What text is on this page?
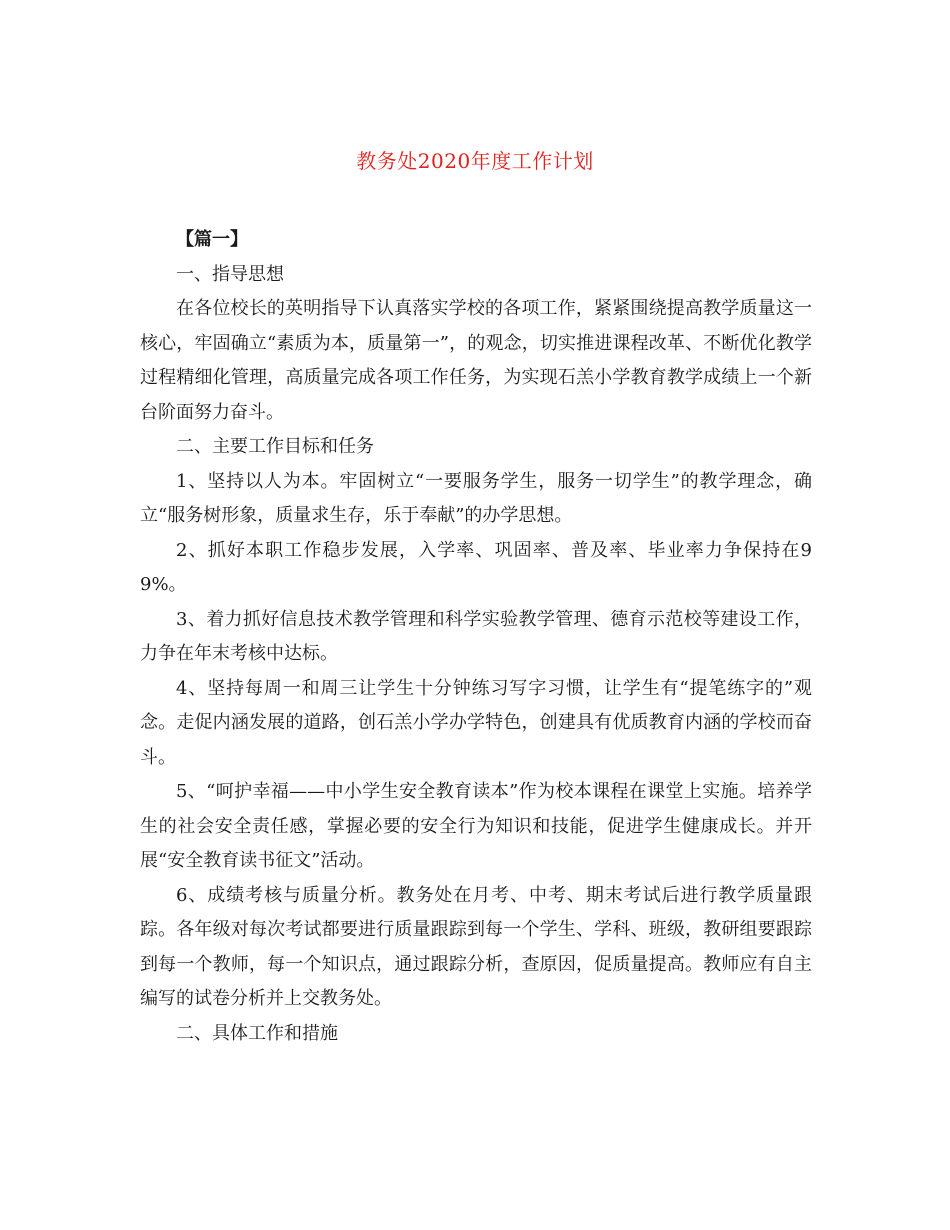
教务处2020年度工作计划

【篇一】

一、指导思想

在各位校长的英明指导下认真落实学校的各项工作，紧紧围绕提高教学质量这一核心，牢固确立“素质为本，质量第一”，的观念，切实推进课程改革、不断优化教学过程精细化管理，高质量完成各项工作任务，为实现石羔小学教育教学成绩上一个新台阶面努力奋斗。

二、主要工作目标和任务

1、坚持以人为本。牢固树立“一要服务学生，服务一切学生”的教学理念，确立“服务树形象，质量求生存，乐于奉献”的办学思想。

2、抓好本职工作稳步发展，入学率、巩固率、普及率、毕业率力争保持在99%。

3、着力抓好信息技术教学管理和科学实验教学管理、德育示范校等建设工作，力争在年末考核中达标。

4、坚持每周一和周三让学生十分钟练习写字习惯，让学生有“提笔练字的”观念。走促内涵发展的道路，创石羔小学办学特色，创建具有优质教育内涵的学校而奋斗。

5、“呵护幸福——中小学生安全教育读本”作为校本课程在课堂上实施。培养学生的社会安全责任感，掌握必要的安全行为知识和技能，促进学生健康成长。并开展“安全教育读书征文”活动。

6、成绩考核与质量分析。教务处在月考、中考、期末考试后进行教学质量跟踪。各年级对每次考试都要进行质量跟踪到每一个学生、学科、班级，教研组要跟踪到每一个教师，每一个知识点，通过跟踪分析，查原因，促质量提高。教师应有自主编写的试卷分析并上交教务处。

二、具体工作和措施
